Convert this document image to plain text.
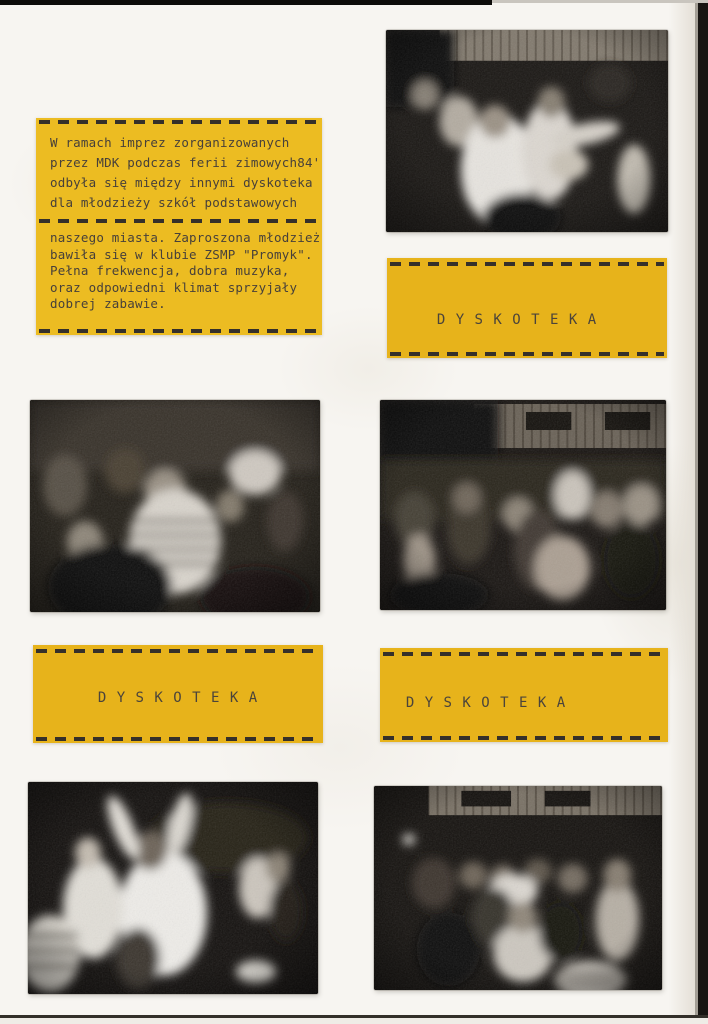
W ramach imprez zorganizowanych
przez MDK podczas ferii zimowych84'
odbyła się między innymi dyskoteka
dla młodzieży szkół podstawowych
naszego miasta. Zaproszona młodzież
bawiła się w klubie ZSMP "Promyk".
Pełna frekwencja, dobra muzyka,
oraz odpowiedni klimat sprzyjały
dobrej zabawie.
D Y S K O T E K A
D Y S K O T E K A	D Y S K O T E K A
